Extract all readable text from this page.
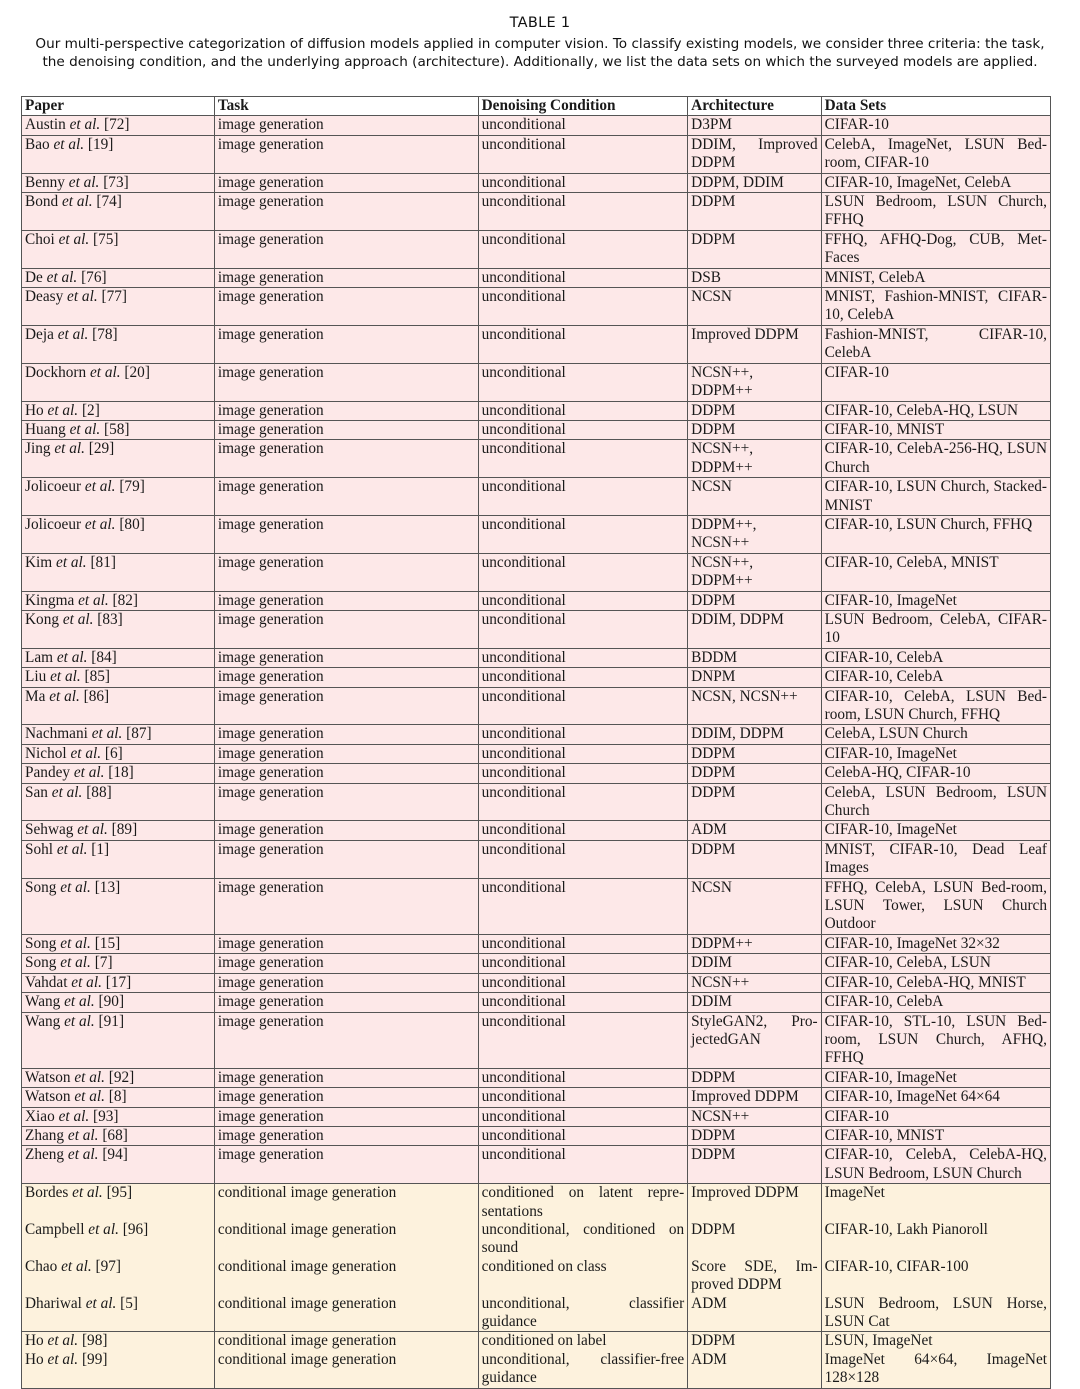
TABLE 1
Our multi-perspective categorization of diffusion models applied in computer vision. To classify existing models, we consider three criteria: the task,
the denoising condition, and the underlying approach (architecture). Additionally, we list the data sets on which the surveyed models are applied.
Paper	Task	Denoising Condition	Architecture	Data Sets
Austin et al. [72]	image generation	unconditional	D3PM	CIFAR-10
Bao et al. [19]	image generation	unconditional	DDIM, Improved DDPM	CelebA, ImageNet, LSUN Bed-room, CIFAR-10
Benny et al. [73]	image generation	unconditional	DDPM, DDIM	CIFAR-10, ImageNet, CelebA
Bond et al. [74]	image generation	unconditional	DDPM	LSUN Bedroom, LSUN Church, FFHQ
Choi et al. [75]	image generation	unconditional	DDPM	FFHQ, AFHQ-Dog, CUB, Met-Faces
De et al. [76]	image generation	unconditional	DSB	MNIST, CelebA
Deasy et al. [77]	image generation	unconditional	NCSN	MNIST, Fashion-MNIST, CIFAR-10, CelebA
Deja et al. [78]	image generation	unconditional	Improved DDPM	Fashion-MNIST, CIFAR-10, CelebA
Dockhorn et al. [20]	image generation	unconditional	NCSN++, DDPM++	CIFAR-10
Ho et al. [2]	image generation	unconditional	DDPM	CIFAR-10, CelebA-HQ, LSUN
Huang et al. [58]	image generation	unconditional	DDPM	CIFAR-10, MNIST
Jing et al. [29]	image generation	unconditional	NCSN++, DDPM++	CIFAR-10, CelebA-256-HQ, LSUN Church
Jolicoeur et al. [79]	image generation	unconditional	NCSN	CIFAR-10, LSUN Church, Stacked-MNIST
Jolicoeur et al. [80]	image generation	unconditional	DDPM++, NCSN++	CIFAR-10, LSUN Church, FFHQ
Kim et al. [81]	image generation	unconditional	NCSN++, DDPM++	CIFAR-10, CelebA, MNIST
Kingma et al. [82]	image generation	unconditional	DDPM	CIFAR-10, ImageNet
Kong et al. [83]	image generation	unconditional	DDIM, DDPM	LSUN Bedroom, CelebA, CIFAR-10
Lam et al. [84]	image generation	unconditional	BDDM	CIFAR-10, CelebA
Liu et al. [85]	image generation	unconditional	DNPM	CIFAR-10, CelebA
Ma et al. [86]	image generation	unconditional	NCSN, NCSN++	CIFAR-10, CelebA, LSUN Bed-room, LSUN Church, FFHQ
Nachmani et al. [87]	image generation	unconditional	DDIM, DDPM	CelebA, LSUN Church
Nichol et al. [6]	image generation	unconditional	DDPM	CIFAR-10, ImageNet
Pandey et al. [18]	image generation	unconditional	DDPM	CelebA-HQ, CIFAR-10
San et al. [88]	image generation	unconditional	DDPM	CelebA, LSUN Bedroom, LSUN Church
Sehwag et al. [89]	image generation	unconditional	ADM	CIFAR-10, ImageNet
Sohl et al. [1]	image generation	unconditional	DDPM	MNIST, CIFAR-10, Dead Leaf Images
Song et al. [13]	image generation	unconditional	NCSN	FFHQ, CelebA, LSUN Bed-room, LSUN Tower, LSUN Church Outdoor
Song et al. [15]	image generation	unconditional	DDPM++	CIFAR-10, ImageNet 32×32
Song et al. [7]	image generation	unconditional	DDIM	CIFAR-10, CelebA, LSUN
Vahdat et al. [17]	image generation	unconditional	NCSN++	CIFAR-10, CelebA-HQ, MNIST
Wang et al. [90]	image generation	unconditional	DDIM	CIFAR-10, CelebA
Wang et al. [91]	image generation	unconditional	StyleGAN2, Pro-jectedGAN	CIFAR-10, STL-10, LSUN Bed-room, LSUN Church, AFHQ, FFHQ
Watson et al. [92]	image generation	unconditional	DDPM	CIFAR-10, ImageNet
Watson et al. [8]	image generation	unconditional	Improved DDPM	CIFAR-10, ImageNet 64×64
Xiao et al. [93]	image generation	unconditional	NCSN++	CIFAR-10
Zhang et al. [68]	image generation	unconditional	DDPM	CIFAR-10, MNIST
Zheng et al. [94]	image generation	unconditional	DDPM	CIFAR-10, CelebA, CelebA-HQ, LSUN Bedroom, LSUN Church
Bordes et al. [95]	conditional image generation	conditioned on latent repre-sentations	Improved DDPM	ImageNet
Campbell et al. [96]	conditional image generation	unconditional, conditioned on sound	DDPM	CIFAR-10, Lakh Pianoroll
Chao et al. [97]	conditional image generation	conditioned on class	Score SDE, Im-proved DDPM	CIFAR-10, CIFAR-100
Dhariwal et al. [5]	conditional image generation	unconditional, classifier guidance	ADM	LSUN Bedroom, LSUN Horse, LSUN Cat
Ho et al. [98]	conditional image generation	conditioned on label	DDPM	LSUN, ImageNet
Ho et al. [99]	conditional image generation	unconditional, classifier-free guidance	ADM	ImageNet 64×64, ImageNet 128×128
